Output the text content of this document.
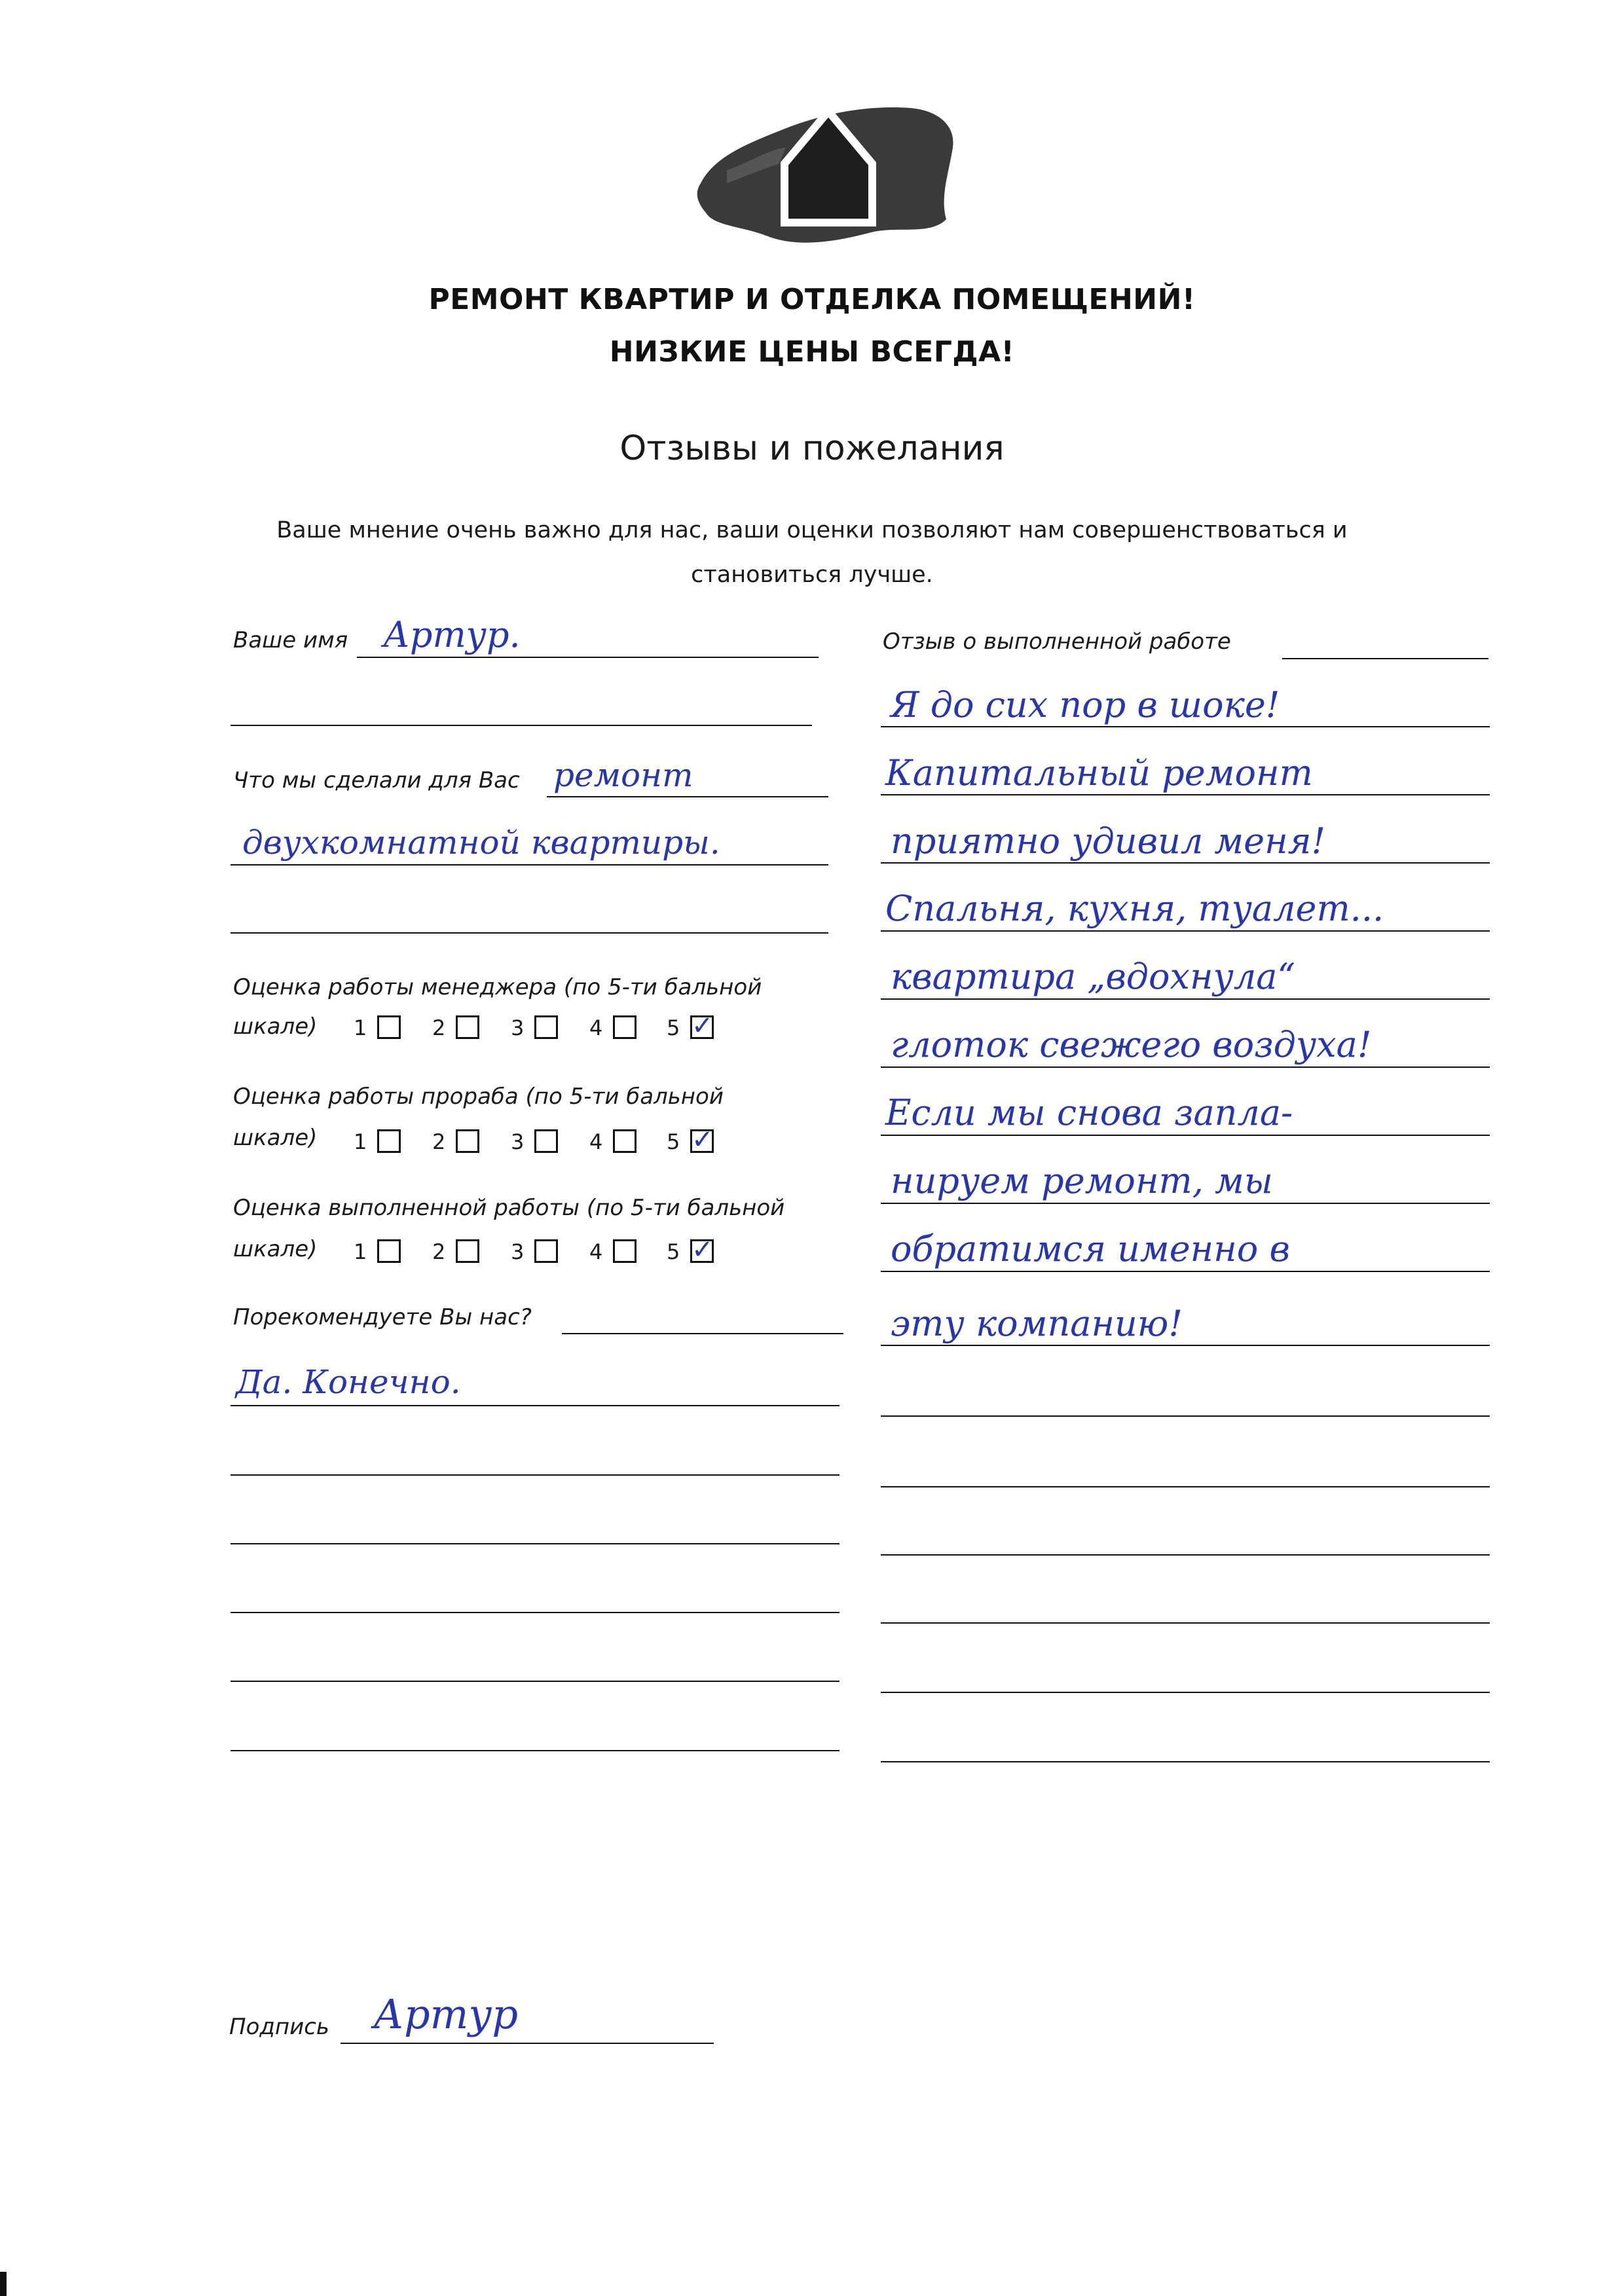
РЕМОНТ КВАРТИР И ОТДЕЛКА ПОМЕЩЕНИЙ!
НИЗКИЕ ЦЕНЫ ВСЕГДА!
Отзывы и пожелания
Ваше мнение очень важно для нас, ваши оценки позволяют нам совершенствоваться и
становиться лучше.
Ваше имя Артур.
Что мы сделали для Вас ремонт
двухкомнатной квартиры.
Оценка работы менеджера (по 5-ти бальной
шкале) 1	2	3	4	5 ✓
Оценка работы прораба (по 5-ти бальной
шкале) 1	2	3	4	5 ✓
Оценка выполненной работы (по 5-ти бальной
шкале) 1	2	3	4	5 ✓
Порекомендуете Вы нас?
Да. Конечно.
Отзыв о выполненной работе
Я до сих пор в шоке!
Капитальный ремонт
приятно удивил меня!
Спальня, кухня, туалет...
квартира „вдохнула“
глоток свежего воздуха!
Если мы снова запла-
нируем ремонт, мы
обратимся именно в
эту компанию!
Подпись Артур
